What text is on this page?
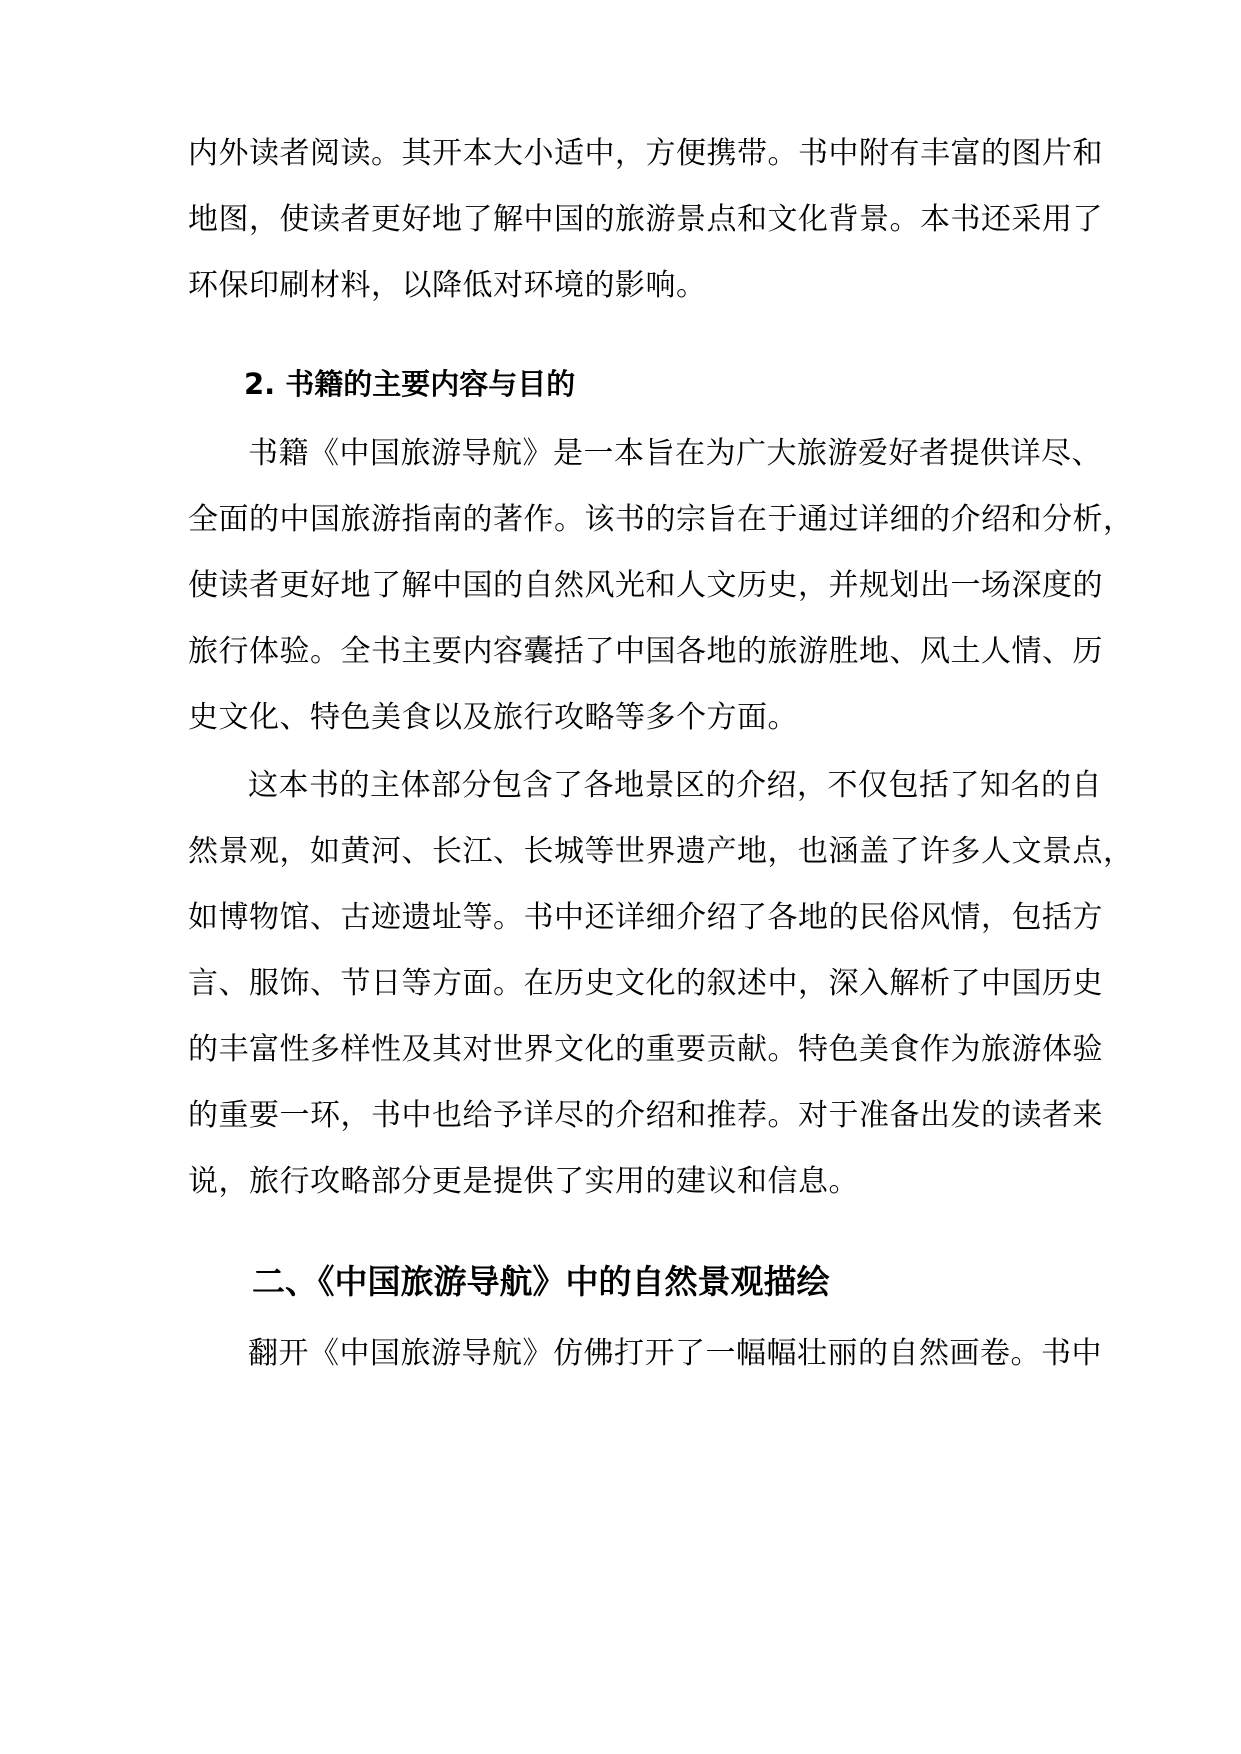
内外读者阅读。其开本大小适中，方便携带。书中附有丰富的图片和
地图，使读者更好地了解中国的旅游景点和文化背景。本书还采用了
环保印刷材料，以降低对环境的影响。
2. 书籍的主要内容与目的
书籍《中国旅游导航》是一本旨在为广大旅游爱好者提供详尽、
全面的中国旅游指南的著作。该书的宗旨在于通过详细的介绍和分析，
使读者更好地了解中国的自然风光和人文历史，并规划出一场深度的
旅行体验。全书主要内容囊括了中国各地的旅游胜地、风土人情、历
史文化、特色美食以及旅行攻略等多个方面。
这本书的主体部分包含了各地景区的介绍，不仅包括了知名的自
然景观，如黄河、长江、长城等世界遗产地，也涵盖了许多人文景点，
如博物馆、古迹遗址等。书中还详细介绍了各地的民俗风情，包括方
言、服饰、节日等方面。在历史文化的叙述中，深入解析了中国历史
的丰富性多样性及其对世界文化的重要贡献。特色美食作为旅游体验
的重要一环，书中也给予详尽的介绍和推荐。对于准备出发的读者来
说，旅行攻略部分更是提供了实用的建议和信息。
二、《中国旅游导航》中的自然景观描绘
翻开《中国旅游导航》仿佛打开了一幅幅壮丽的自然画卷。书中
